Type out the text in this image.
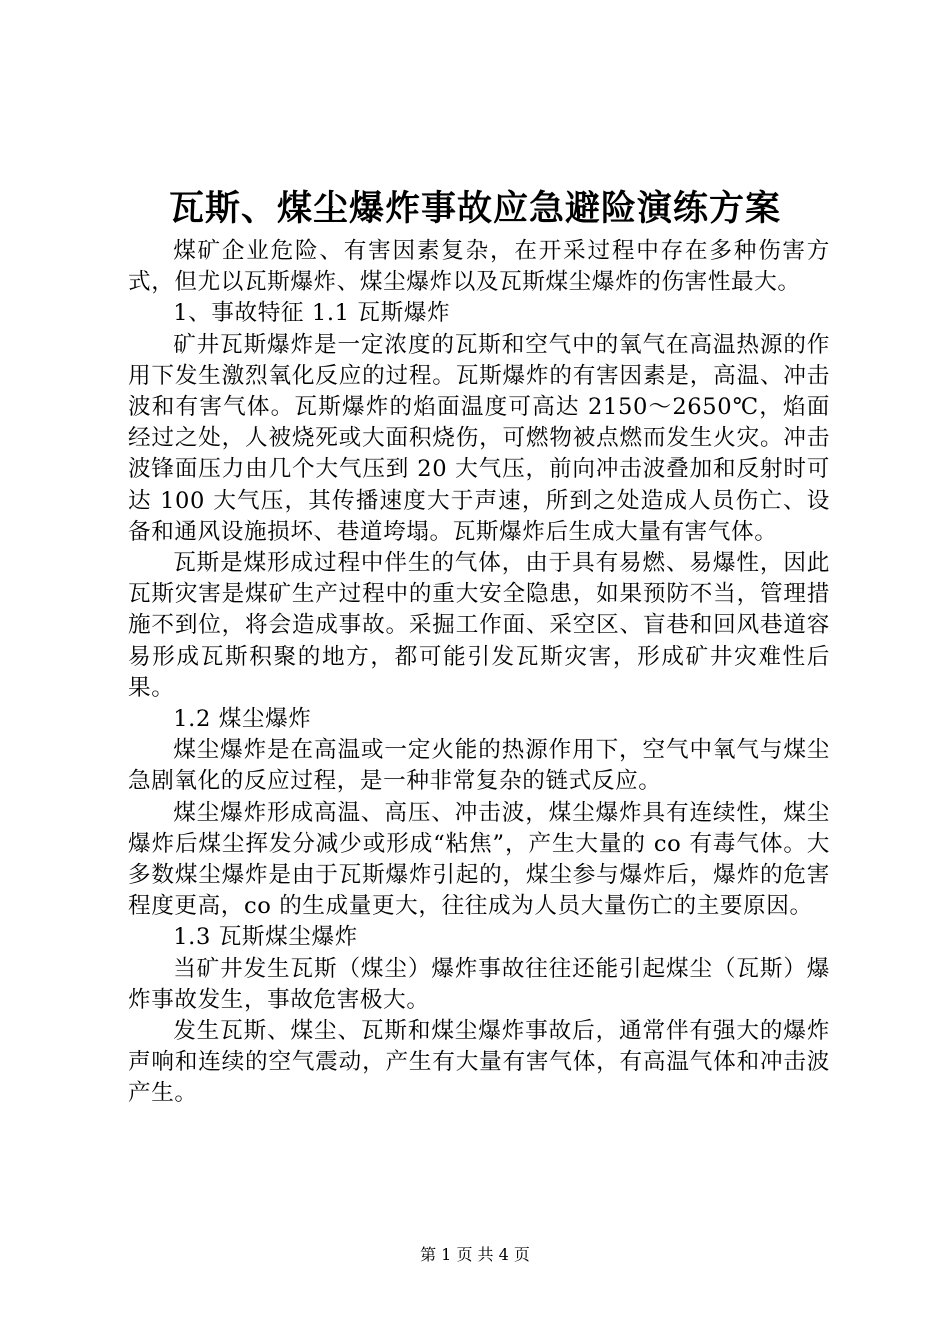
瓦斯、煤尘爆炸事故应急避险演练方案

煤矿企业危险、有害因素复杂，在开采过程中存在多种伤害方式，但尤以瓦斯爆炸、煤尘爆炸以及瓦斯煤尘爆炸的伤害性最大。

1、事故特征 1.1 瓦斯爆炸

矿井瓦斯爆炸是一定浓度的瓦斯和空气中的氧气在高温热源的作用下发生激烈氧化反应的过程。瓦斯爆炸的有害因素是，高温、冲击波和有害气体。瓦斯爆炸的焰面温度可高达 2150～2650℃，焰面经过之处，人被烧死或大面积烧伤，可燃物被点燃而发生火灾。冲击波锋面压力由几个大气压到 20 大气压，前向冲击波叠加和反射时可达 100 大气压，其传播速度大于声速，所到之处造成人员伤亡、设备和通风设施损坏、巷道垮塌。瓦斯爆炸后生成大量有害气体。

瓦斯是煤形成过程中伴生的气体，由于具有易燃、易爆性，因此瓦斯灾害是煤矿生产过程中的重大安全隐患，如果预防不当，管理措施不到位，将会造成事故。采掘工作面、采空区、盲巷和回风巷道容易形成瓦斯积聚的地方，都可能引发瓦斯灾害，形成矿井灾难性后果。

1.2 煤尘爆炸

煤尘爆炸是在高温或一定火能的热源作用下，空气中氧气与煤尘急剧氧化的反应过程，是一种非常复杂的链式反应。

煤尘爆炸形成高温、高压、冲击波，煤尘爆炸具有连续性，煤尘爆炸后煤尘挥发分减少或形成“粘焦”，产生大量的 co 有毒气体。大多数煤尘爆炸是由于瓦斯爆炸引起的，煤尘参与爆炸后，爆炸的危害程度更高，co 的生成量更大，往往成为人员大量伤亡的主要原因。

1.3 瓦斯煤尘爆炸

当矿井发生瓦斯（煤尘）爆炸事故往往还能引起煤尘（瓦斯）爆炸事故发生，事故危害极大。

发生瓦斯、煤尘、瓦斯和煤尘爆炸事故后，通常伴有强大的爆炸声响和连续的空气震动，产生有大量有害气体，有高温气体和冲击波产生。

第 1 页 共 4 页
